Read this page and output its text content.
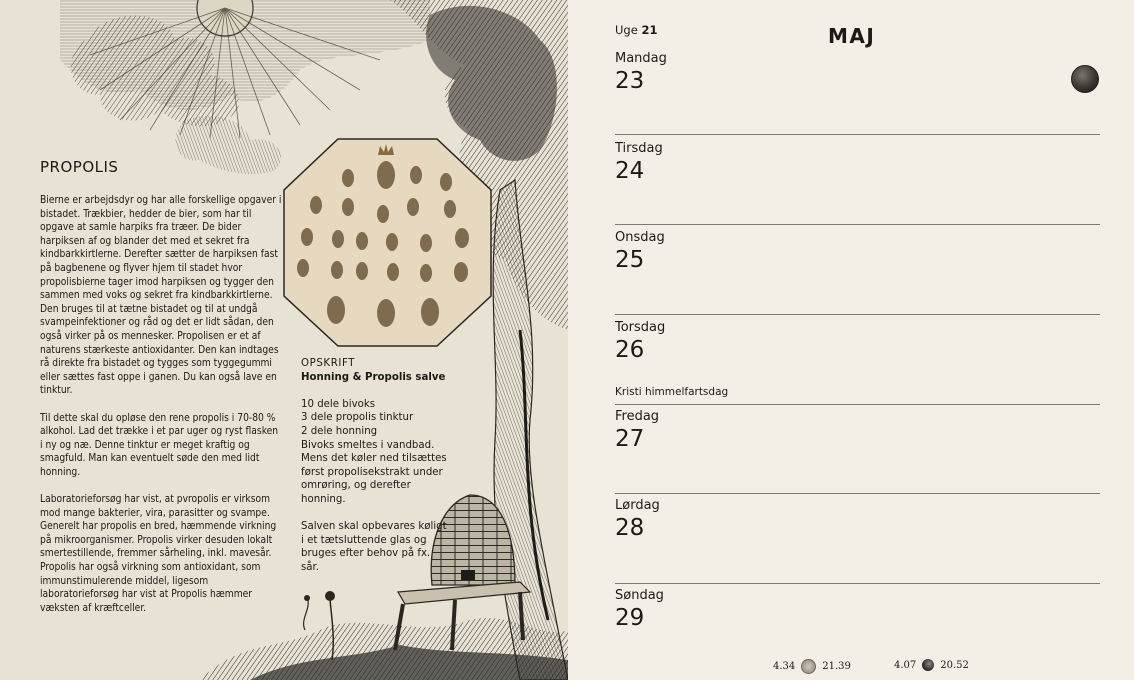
PROPOLIS

Bierne er arbejdsdyr og har alle forskellige opgaver i bistadet. Trækbier, hedder de bier, som har til opgave at samle harpiks fra træer. De bider harpiksen af og blander det med et sekret fra kindbarkkirtlerne. Derefter sætter de harpiksen fast på bagbenene og flyver hjem til stadet hvor propolisbierne tager imod harpiksen og tygger den sammen med voks og sekret fra kindbarkkirtlerne. Den bruges til at tætne bistadet og til at undgå svampeinfektioner og råd og det er lidt sådan, den også virker på os mennesker. Propolisen er et af naturens stærkeste antioxidanter. Den kan indtages rå direkte fra bistadet og tygges som tyggegummi eller sættes fast oppe i ganen. Du kan også lave en tinktur.

Til dette skal du opløse den rene propolis i 70-80 % alkohol. Lad det trække i et par uger og ryst flasken i ny og næ. Denne tinktur er meget kraftig og smagfuld. Man kan eventuelt søde den med lidt honning.

Laboratorieforsøg har vist, at pvropolis er virksom mod mange bakterier, vira, parasitter og svampe. Generelt har propolis en bred, hæmmende virkning på mikroorganismer. Propolis virker desuden lokalt smertestillende, fremmer sårheling, inkl. mavesår. Propolis har også virkning som antioxidant, som immunstimulerende middel, ligesom laboratorieforsøg har vist at Propolis hæmmer væksten af kræftceller.

OPSKRIFT
Honning & Propolis salve
10 dele bivoks
3 dele propolis tinktur
2 dele honning
Bivoks smeltes i vandbad. Mens det køler ned tilsættes først propolisekstrakt under omrøring, og derefter honning.
Salven skal opbevares køligt i et tætsluttende glas og bruges efter behov på fx. sår.
Uge 21	MAJ
Mandag
23
Tirsdag
24
Onsdag
25
Torsdag
26
Kristi himmelfartsdag
Fredag
27
Lørdag
28
Søndag
29
4.34	21.39	4.07 20.52
